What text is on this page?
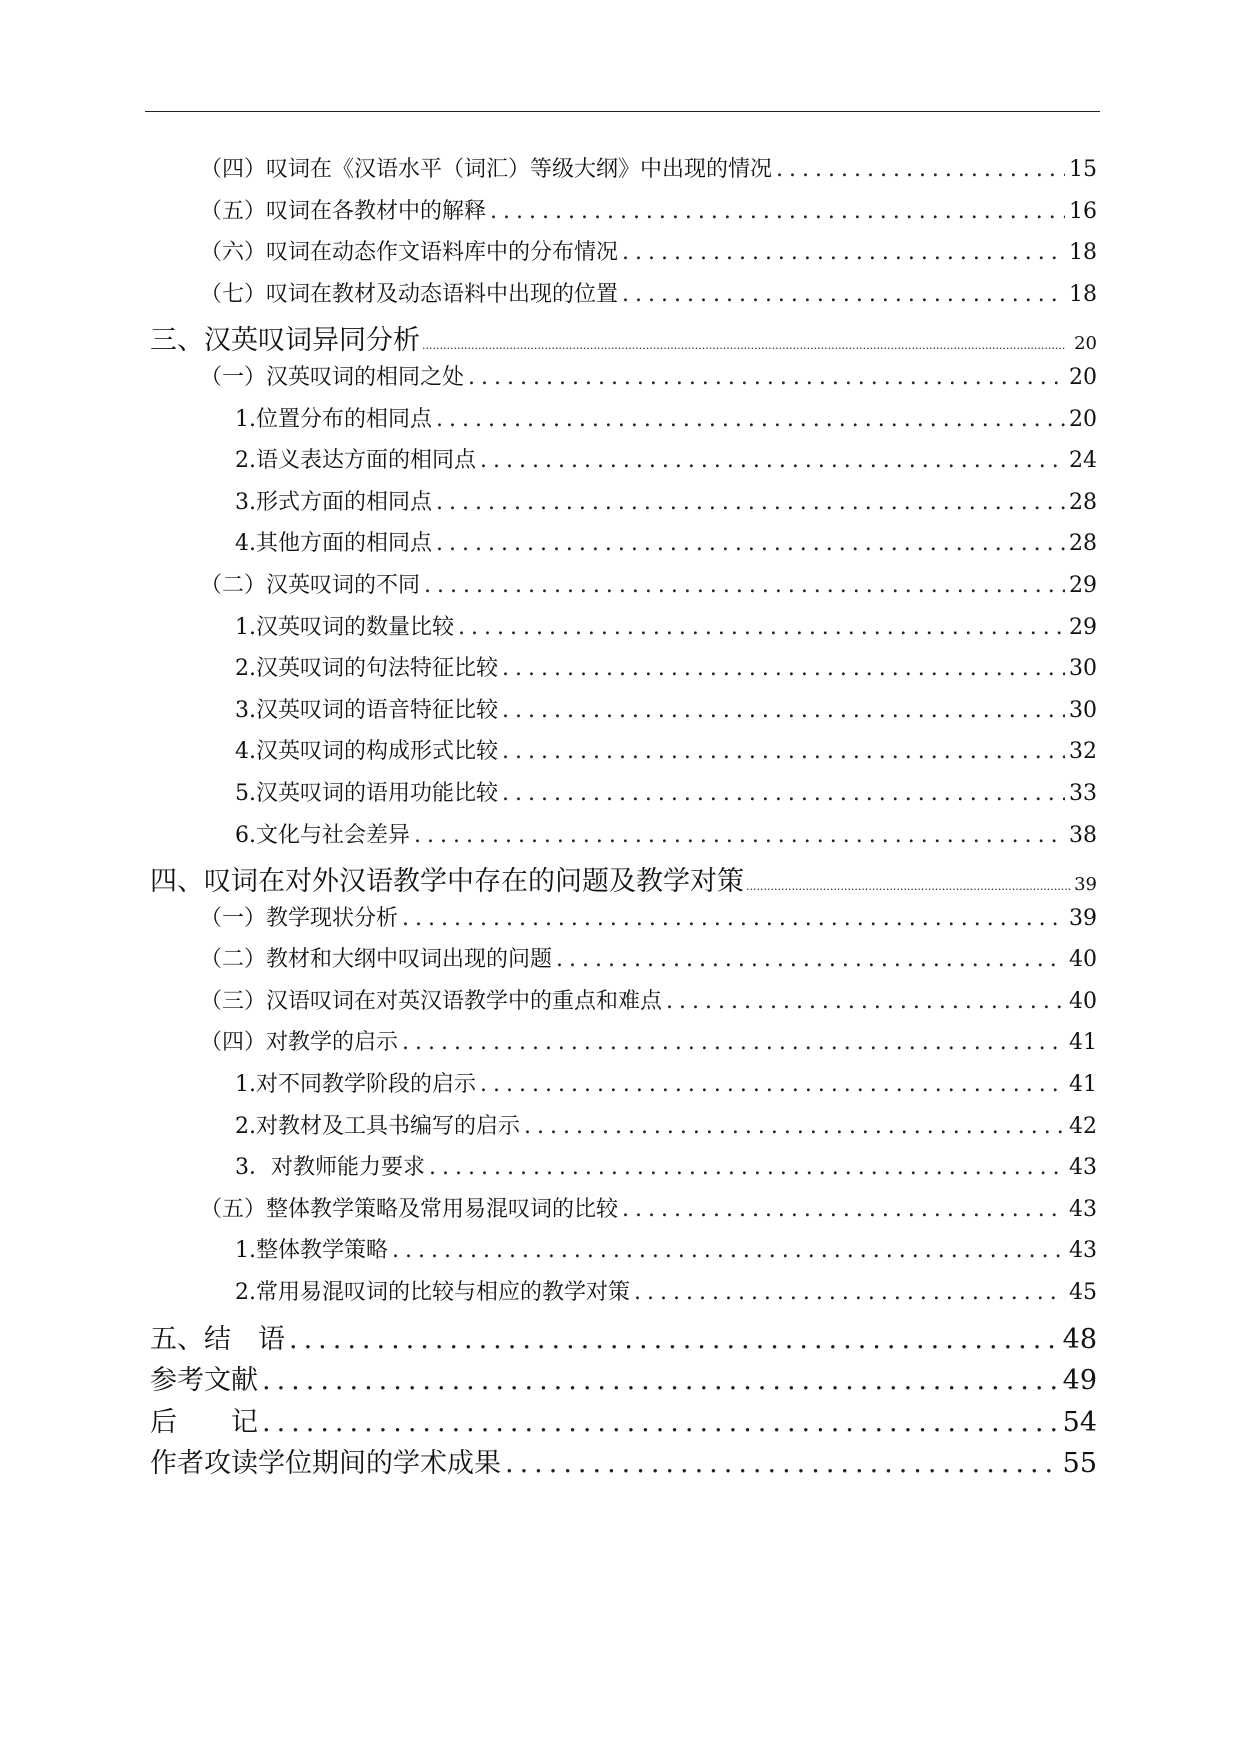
（四）叹词在《汉语水平（词汇）等级大纲》中出现的情况 .....	15
（五）叹词在各教材中的解释 .....	16
（六）叹词在动态作文语料库中的分布情况 .....	18
（七）叹词在教材及动态语料中出现的位置 .....	18
三、汉英叹词异同分析 .....	20
（一）汉英叹词的相同之处 .....	20
1.位置分布的相同点 .....	20
2.语义表达方面的相同点 .....	24
3.形式方面的相同点 .....	28
4.其他方面的相同点 .....	28
（二）汉英叹词的不同 .....	29
1.汉英叹词的数量比较 .....	29
2.汉英叹词的句法特征比较 .....	30
3.汉英叹词的语音特征比较 .....	30
4.汉英叹词的构成形式比较 .....	32
5.汉英叹词的语用功能比较 .....	33
6.文化与社会差异 .....	38
四、叹词在对外汉语教学中存在的问题及教学对策 .....	39
（一）教学现状分析 .....	39
（二）教材和大纲中叹词出现的问题 .....	40
（三）汉语叹词在对英汉语教学中的重点和难点 .....	40
（四）对教学的启示 .....	41
1.对不同教学阶段的启示 .....	41
2.对教材及工具书编写的启示 .....	42
3．对教师能力要求 .....	43
（五）整体教学策略及常用易混叹词的比较 .....	43
1.整体教学策略 .....	43
2.常用易混叹词的比较与相应的教学对策 .....	45
五、结　语 .....	48
参考文献 .....	49
后　　记 .....	54
作者攻读学位期间的学术成果 .....	55
